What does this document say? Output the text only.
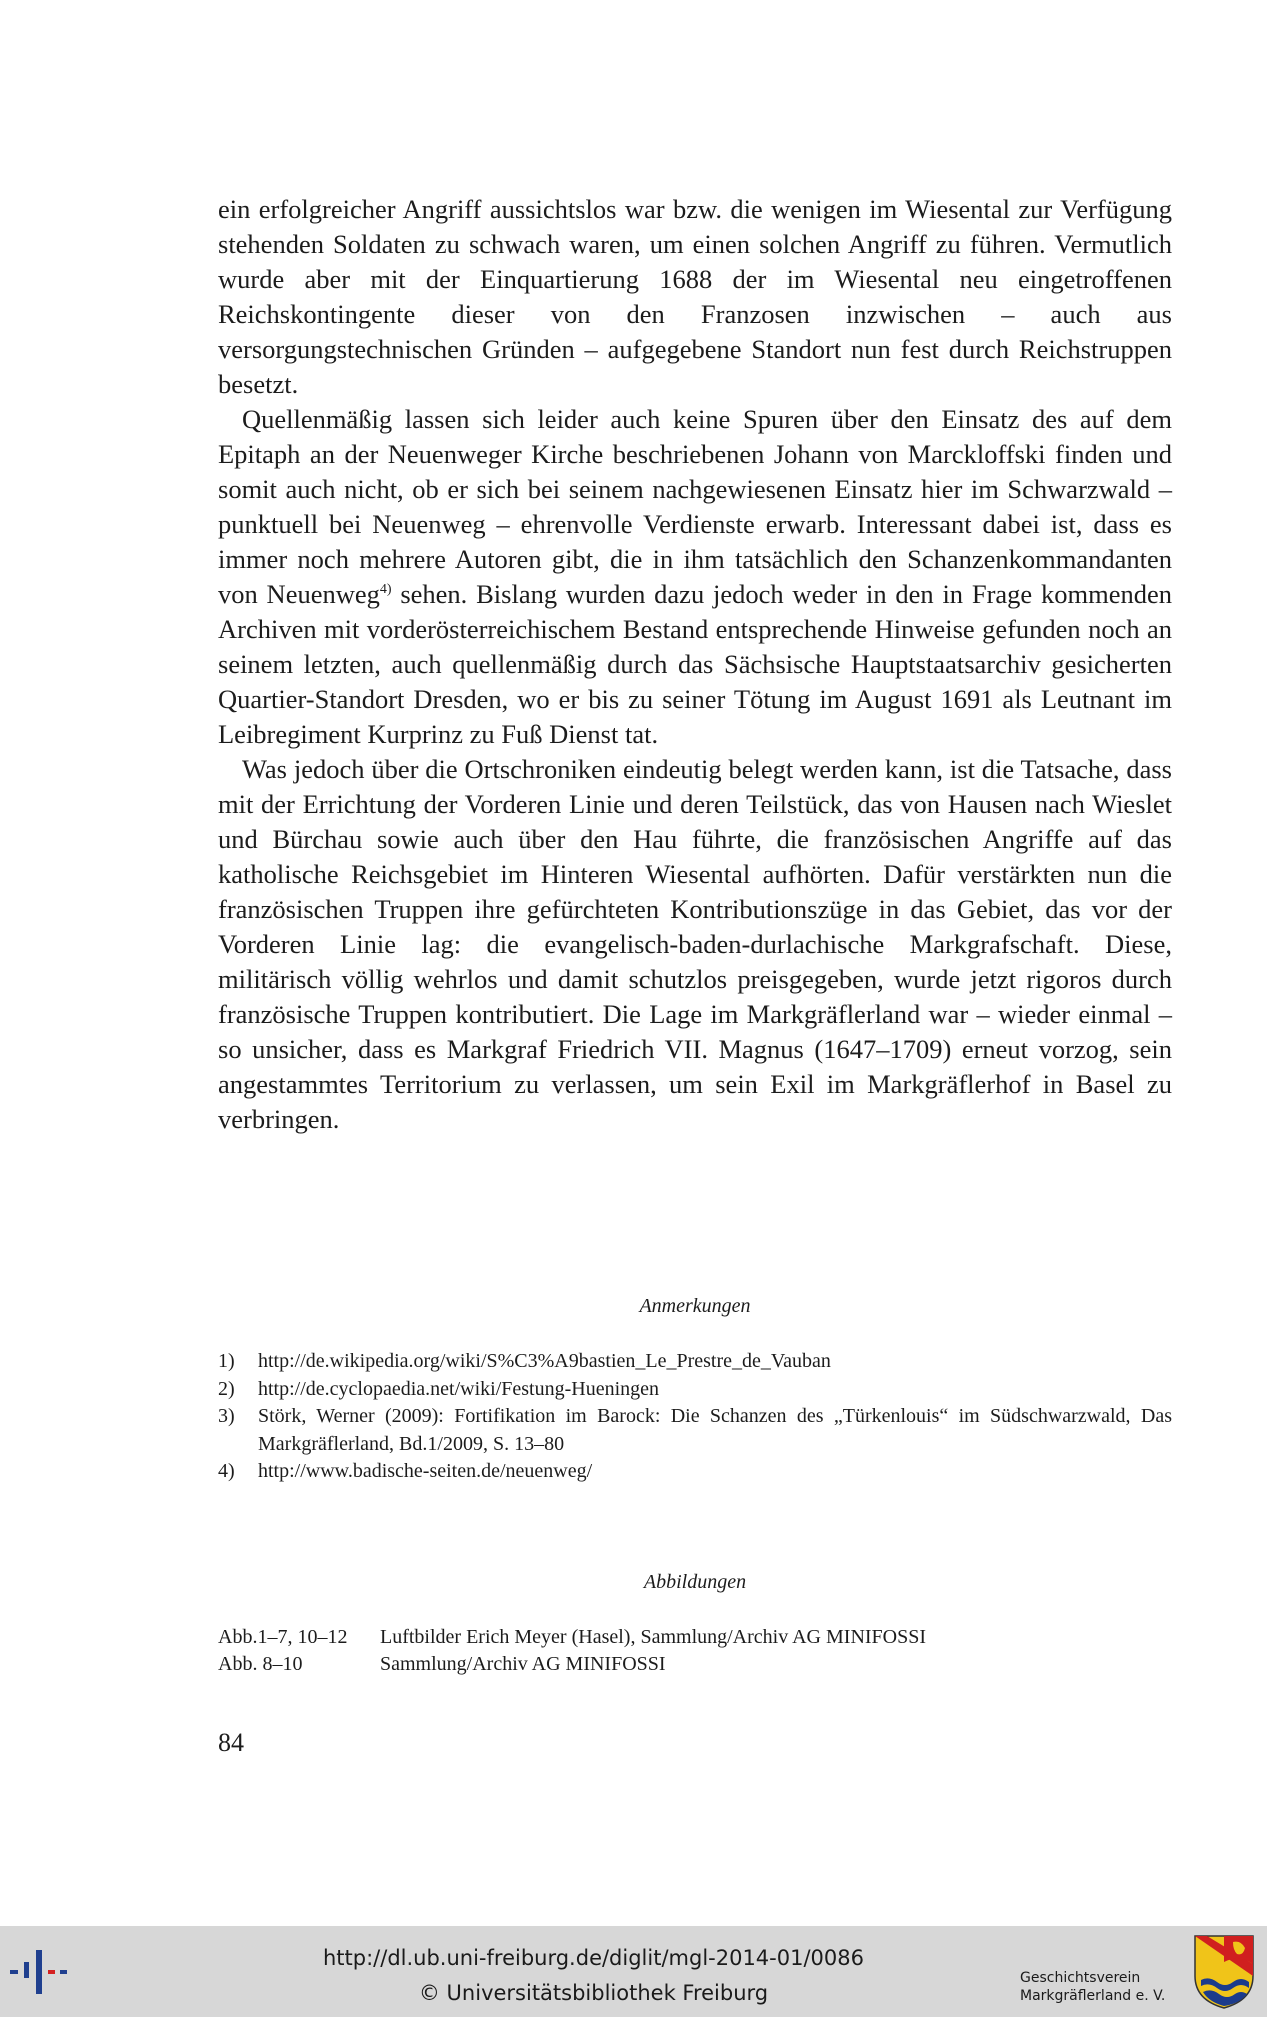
ein erfolgreicher Angriff aussichtslos war bzw. die wenigen im Wiesental zur Verfügung stehenden Soldaten zu schwach waren, um einen solchen Angriff zu führen. Vermutlich wurde aber mit der Einquartierung 1688 der im Wiesental neu eingetroffenen Reichskontingente dieser von den Franzosen inzwischen – auch aus versorgungstechnischen Gründen – aufgegebene Standort nun fest durch Reichstruppen besetzt.

Quellenmäßig lassen sich leider auch keine Spuren über den Einsatz des auf dem Epitaph an der Neuenweger Kirche beschriebenen Johann von Marckloffski finden und somit auch nicht, ob er sich bei seinem nachgewiesenen Einsatz hier im Schwarzwald – punktuell bei Neuenweg – ehrenvolle Verdienste erwarb. Interessant dabei ist, dass es immer noch mehrere Autoren gibt, die in ihm tatsächlich den Schanzenkommandanten von Neuenweg$^{4)}$ sehen. Bislang wurden dazu jedoch weder in den in Frage kommenden Archiven mit vorderösterreichischem Bestand entsprechende Hinweise gefunden noch an seinem letzten, auch quellenmäßig durch das Sächsische Hauptstaatsarchiv gesicherten Quartier-Standort Dresden, wo er bis zu seiner Tötung im August 1691 als Leutnant im Leibregiment Kurprinz zu Fuß Dienst tat.

Was jedoch über die Ortschroniken eindeutig belegt werden kann, ist die Tatsache, dass mit der Errichtung der Vorderen Linie und deren Teilstück, das von Hausen nach Wieslet und Bürchau sowie auch über den Hau führte, die französischen Angriffe auf das katholische Reichsgebiet im Hinteren Wiesental aufhörten. Dafür verstärkten nun die französischen Truppen ihre gefürchteten Kontributionszüge in das Gebiet, das vor der Vorderen Linie lag: die evangelisch-baden-durlachische Markgrafschaft. Diese, militärisch völlig wehrlos und damit schutzlos preisgegeben, wurde jetzt rigoros durch französische Truppen kontributiert. Die Lage im Markgräflerland war – wieder einmal – so unsicher, dass es Markgraf Friedrich VII. Magnus (1647–1709) erneut vorzog, sein angestammtes Territorium zu verlassen, um sein Exil im Markgräflerhof in Basel zu verbringen.

Anmerkungen

1)	http://de.wikipedia.org/wiki/S%C3%A9bastien_Le_Prestre_de_Vauban
2)	http://de.cyclopaedia.net/wiki/Festung-Hueningen
3)	Störk, Werner (2009): Fortifikation im Barock: Die Schanzen des „Türkenlouis“ im Südschwarzwald, Das Markgräflerland, Bd.1/2009, S. 13–80
4)	http://www.badische-seiten.de/neuenweg/

Abbildungen

Abb.1–7, 10–12	Luftbilder Erich Meyer (Hasel), Sammlung/Archiv AG MINIFOSSI
Abb. 8–10	Sammlung/Archiv AG MINIFOSSI
84
http://dl.ub.uni-freiburg.de/diglit/mgl-2014-01/0086
© Universitätsbibliothek Freiburg
Geschichtsverein
Markgräflerland e. V.
